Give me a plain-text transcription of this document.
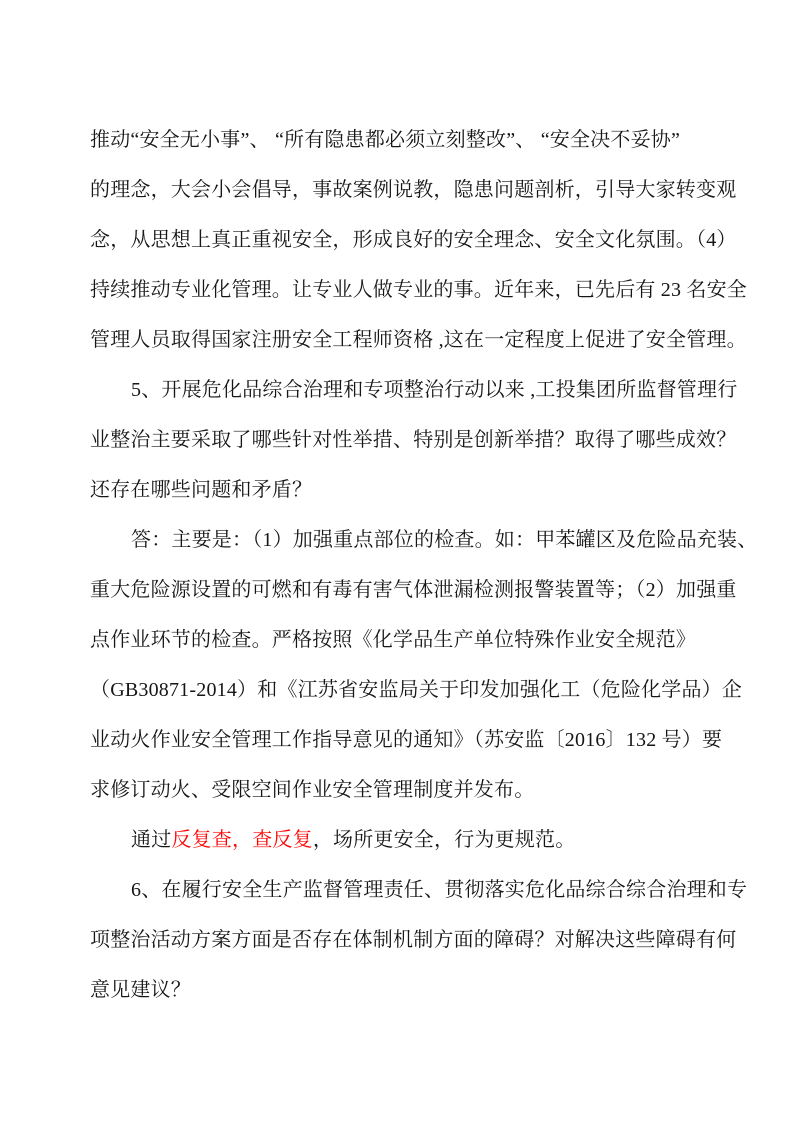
推动“安全无小事”、 “所有隐患都必须立刻整改”、 “安全决不妥协”
的理念，大会小会倡导，事故案例说教，隐患问题剖析，引导大家转变观
念，从思想上真正重视安全，形成良好的安全理念、安全文化氛围。（4）
持续推动专业化管理。让专业人做专业的事。近年来，已先后有 23 名安全
管理人员取得国家注册安全工程师资格 ,这在一定程度上促进了安全管理。
5、开展危化品综合治理和专项整治行动以来 ,工投集团所监督管理行
业整治主要采取了哪些针对性举措、特别是创新举措？取得了哪些成效？
还存在哪些问题和矛盾？
答：主要是：（1）加强重点部位的检查。如：甲苯罐区及危险品充装、
重大危险源设置的可燃和有毒有害气体泄漏检测报警装置等；（2）加强重
点作业环节的检查。严格按照《化学品生产单位特殊作业安全规范》
（GB30871-2014）和《江苏省安监局关于印发加强化工（危险化学品）企
业动火作业安全管理工作指导意见的通知》（苏安监〔2016〕132 号）要
求修订动火、受限空间作业安全管理制度并发布。
通过反复查，查反复，场所更安全，行为更规范。
6、在履行安全生产监督管理责任、贯彻落实危化品综合综合治理和专
项整治活动方案方面是否存在体制机制方面的障碍？对解决这些障碍有何
意见建议？
